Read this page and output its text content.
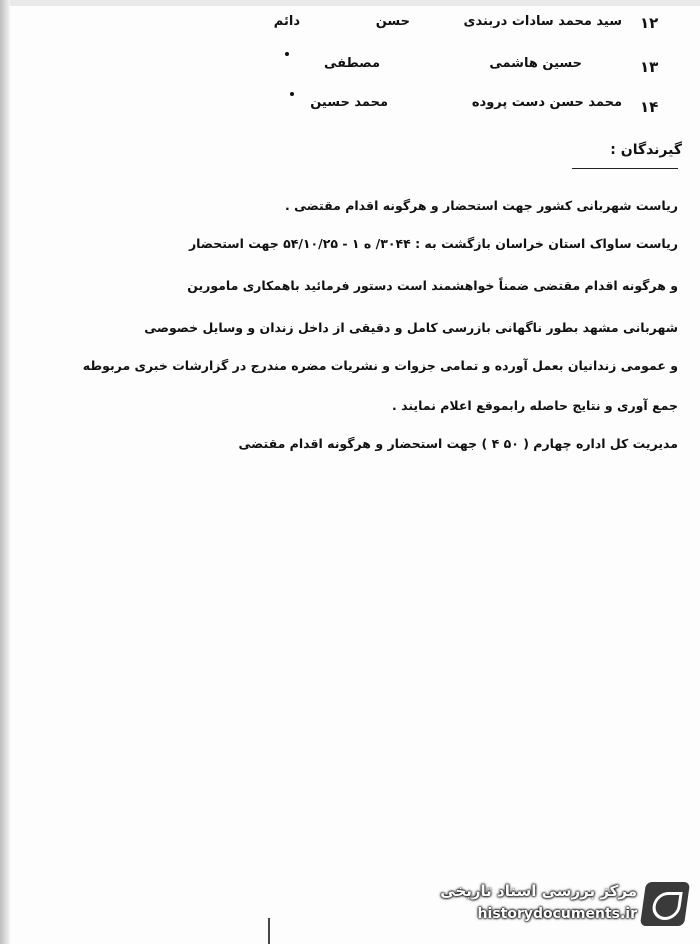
۱۲
سید محمد سادات دربندی
حسن
دائم
۱۳
حسین هاشمی
مصطفی
۱۴
محمد حسن دست پروده
محمد حسین
گیرندگان :
ریاست شهربانی کشور جهت استحضار و هرگونه اقدام مقتضی .
ریاست ساواک استان خراسان بازگشت به : ۳۰۴۴/ ه ۱ - ۵۴/۱۰/۲۵ جهت استحضار
و هرگونه اقدام مقتضی ضمناً خواهشمند است دستور فرمائید باهمکاری مامورین
شهربانی مشهد بطور ناگهانی بازرسی کامل و دقیقی از داخل زندان و وسایل خصوصی
و عمومی زندانیان بعمل آورده و تمامی جزوات و نشریات مضره مندرج در گزارشات خبری مربوطه
جمع آوری و نتایج حاصله رابموقع اعلام نمایند .
مدیریت کل اداره چهارم ( ۵۰ ۴ ) جهت استحضار و هرگونه اقدام مقتضی
مرکز بررسی اسناد تاریخی
historydocuments.ir
